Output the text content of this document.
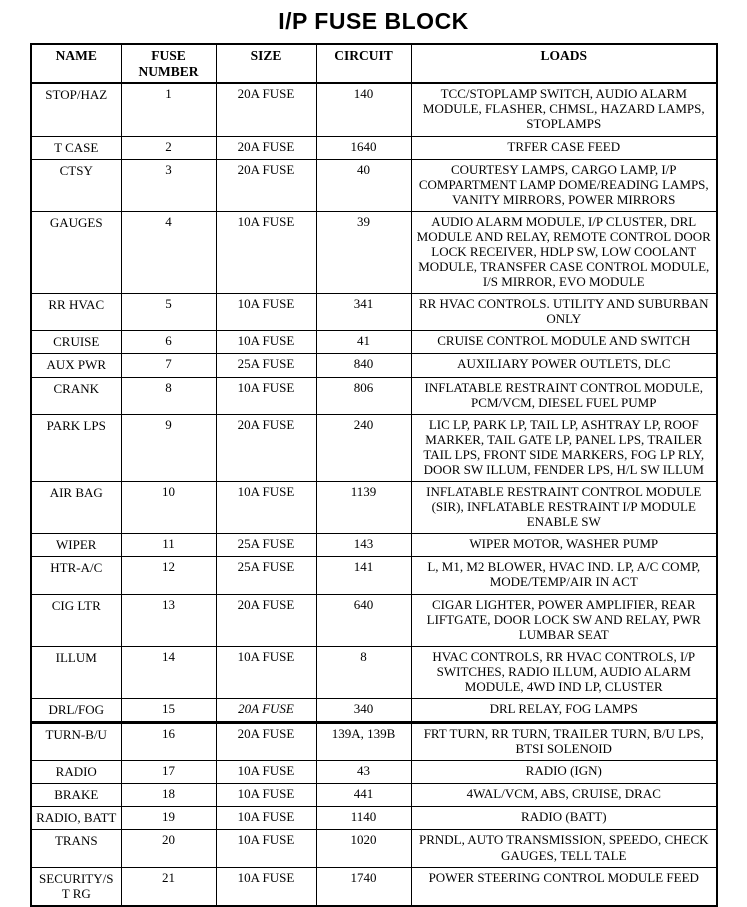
I/P FUSE BLOCK
NAME	FUSE NUMBER	SIZE	CIRCUIT	LOADS
STOP/HAZ	1	20A FUSE	140	TCC/STOPLAMP SWITCH, AUDIO ALARM MODULE, FLASHER, CHMSL, HAZARD LAMPS, STOPLAMPS
T CASE	2	20A FUSE	1640	TRFER CASE FEED
CTSY	3	20A FUSE	40	COURTESY LAMPS, CARGO LAMP, I/P COMPARTMENT LAMP DOME/READING LAMPS, VANITY MIRRORS, POWER MIRRORS
GAUGES	4	10A FUSE	39	AUDIO ALARM MODULE, I/P CLUSTER, DRL MODULE AND RELAY, REMOTE CONTROL DOOR LOCK RECEIVER, HDLP SW, LOW COOLANT MODULE, TRANSFER CASE CONTROL MODULE, I/S MIRROR, EVO MODULE
RR HVAC	5	10A FUSE	341	RR HVAC CONTROLS. UTILITY AND SUBURBAN ONLY
CRUISE	6	10A FUSE	41	CRUISE CONTROL MODULE AND SWITCH
AUX PWR	7	25A FUSE	840	AUXILIARY POWER OUTLETS, DLC
CRANK	8	10A FUSE	806	INFLATABLE RESTRAINT CONTROL MODULE, PCM/VCM, DIESEL FUEL PUMP
PARK LPS	9	20A FUSE	240	LIC LP, PARK LP, TAIL LP, ASHTRAY LP, ROOF MARKER, TAIL GATE LP, PANEL LPS, TRAILER TAIL LPS, FRONT SIDE MARKERS, FOG LP RLY, DOOR SW ILLUM, FENDER LPS, H/L SW ILLUM
AIR BAG	10	10A FUSE	1139	INFLATABLE RESTRAINT CONTROL MODULE (SIR), INFLATABLE RESTRAINT I/P MODULE ENABLE SW
WIPER	11	25A FUSE	143	WIPER MOTOR, WASHER PUMP
HTR-A/C	12	25A FUSE	141	L, M1, M2 BLOWER, HVAC IND. LP, A/C COMP, MODE/TEMP/AIR IN ACT
CIG LTR	13	20A FUSE	640	CIGAR LIGHTER, POWER AMPLIFIER, REAR LIFTGATE, DOOR LOCK SW AND RELAY, PWR LUMBAR SEAT
ILLUM	14	10A FUSE	8	HVAC CONTROLS, RR HVAC CONTROLS, I/P SWITCHES, RADIO ILLUM, AUDIO ALARM MODULE, 4WD IND LP, CLUSTER
DRL/FOG	15	20A FUSE	340	DRL RELAY, FOG LAMPS
TURN-B/U	16	20A FUSE	139A, 139B	FRT TURN, RR TURN, TRAILER TURN, B/U LPS, BTSI SOLENOID
RADIO	17	10A FUSE	43	RADIO (IGN)
BRAKE	18	10A FUSE	441	4WAL/VCM, ABS, CRUISE, DRAC
RADIO, BATT	19	10A FUSE	1140	RADIO (BATT)
TRANS	20	10A FUSE	1020	PRNDL, AUTO TRANSMISSION, SPEEDO, CHECK GAUGES, TELL TALE
SECURITY/ST RG	21	10A FUSE	1740	POWER STEERING CONTROL MODULE FEED
